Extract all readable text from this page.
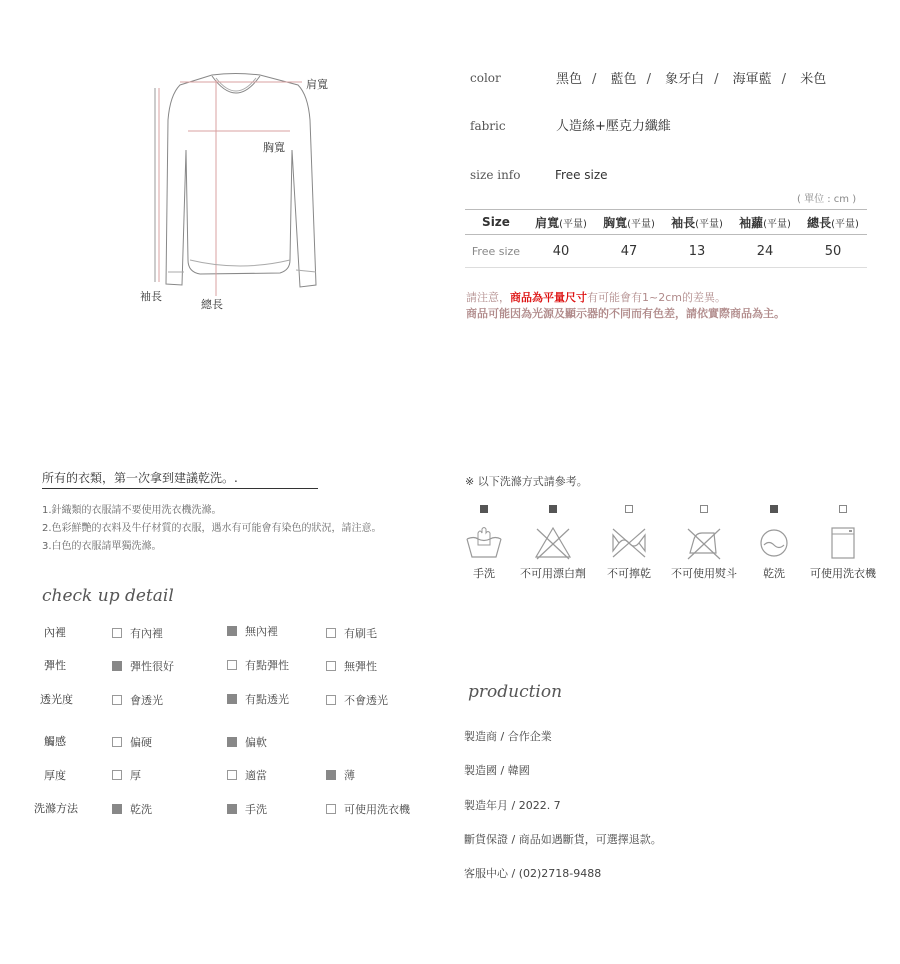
肩寬
胸寬
袖長
總長
color	黑色 / 藍色 / 象牙白 / 海軍藍 / 米色
fabric	人造絲+壓克力纖維
size info	Free size
( 單位 : cm )
Size	肩寬(平量)	胸寬(平量)	袖長(平量)	袖蘿(平量)	總長(平量)
Free size	40	47	13	24	50
請注意，商品為平量尺寸有可能會有1~2cm的差異。
商品可能因為光源及顯示器的不同而有色差，請依實際商品為主。
所有的衣類，第一次拿到建議乾洗。.
1.針織類的衣服請不要使用洗衣機洗滌。
2.色彩鮮艷的衣料及牛仔材質的衣服，遇水有可能會有染色的狀況，請注意。
3.白色的衣服請單獨洗滌。
※ 以下洗滌方式請參考。
手洗	不可用漂白劑	不可擰乾	不可使用熨斗	乾洗	可使用洗衣機
check up detail
內裡	有內裡	無內裡	有刷毛
彈性	彈性很好	有點彈性	無彈性
透光度	會透光	有點透光	不會透光
觸感	偏硬	偏軟
厚度	厚	適當	薄
洗滌方法	乾洗	手洗	可使用洗衣機
production
製造商 / 合作企業
製造國 / 韓國
製造年月 / 2022. 7
斷貨保證 / 商品如遇斷貨，可選擇退款。
客服中心 / (02)2718-9488
